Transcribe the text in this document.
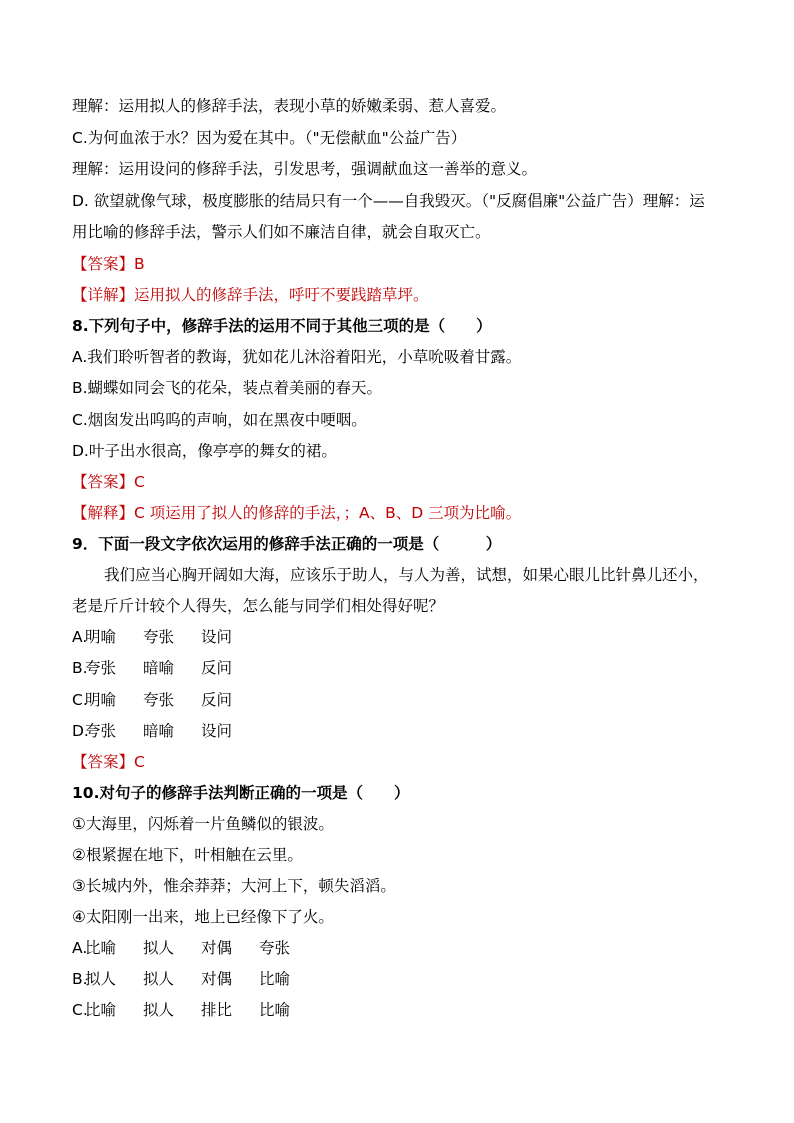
理解：运用拟人的修辞手法，表现小草的娇嫩柔弱、惹人喜爱。
C.为何血浓于水？因为爱在其中。（"无偿献血"公益广告）
理解：运用设问的修辞手法，引发思考，强调献血这一善举的意义。
D. 欲望就像气球，极度膨胀的结局只有一个——自我毁灭。（"反腐倡廉"公益广告）理解：运
用比喻的修辞手法，警示人们如不廉洁自律，就会自取灭亡。
【答案】B
【详解】运用拟人的修辞手法，呼吁不要践踏草坪。
8.下列句子中，修辞手法的运用不同于其他三项的是（　　）
A.我们聆听智者的教诲，犹如花儿沐浴着阳光，小草吮吸着甘露。
B.蝴蝶如同会飞的花朵，装点着美丽的春天。
C.烟囱发出呜呜的声响，如在黑夜中哽咽。
D.叶子出水很高，像亭亭的舞女的裙。
【答案】C
【解释】C 项运用了拟人的修辞的手法，；A、B、D 三项为比喻。
9．下面一段文字依次运用的修辞手法正确的一项是（　　　）
我们应当心胸开阔如大海，应该乐于助人，与人为善，试想，如果心眼儿比针鼻儿还小，
老是斤斤计较个人得失，怎么能与同学们相处得好呢？
A.明喻 夸张 设问
B.夸张 暗喻 反问
C.明喻 夸张 反问
D.夸张 暗喻 设问
【答案】C
10.对句子的修辞手法判断正确的一项是（　　）
①大海里，闪烁着一片鱼鳞似的银波。
②根紧握在地下，叶相触在云里。
③长城内外，惟余莽莽；大河上下，顿失滔滔。
④太阳刚一出来，地上已经像下了火。
A.比喻 拟人 对偶 夸张
B.拟人 拟人 对偶 比喻
C.比喻 拟人 排比 比喻
